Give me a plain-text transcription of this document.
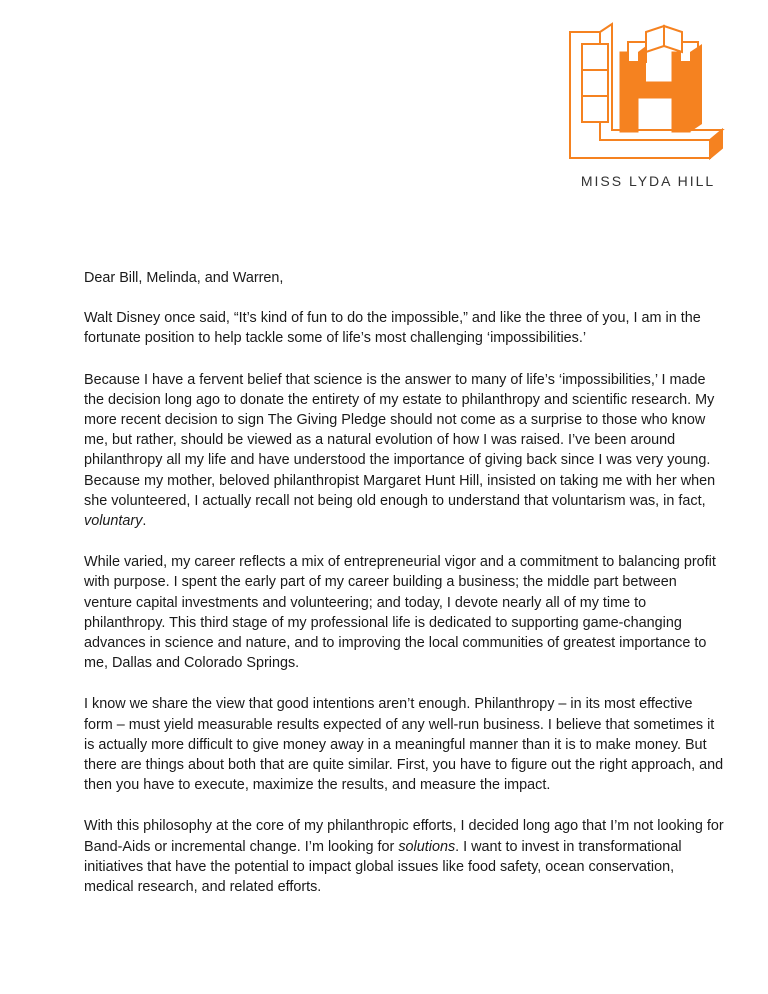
MISS LYDA HILL

Dear Bill, Melinda, and Warren,

Walt Disney once said, “It’s kind of fun to do the impossible,” and like the three of you, I am in the fortunate position to help tackle some of life’s most challenging ‘impossibilities.’

Because I have a fervent belief that science is the answer to many of life’s ‘impossibilities,’ I made the decision long ago to donate the entirety of my estate to philanthropy and scientific research. My more recent decision to sign The Giving Pledge should not come as a surprise to those who know me, but rather, should be viewed as a natural evolution of how I was raised. I’ve been around philanthropy all my life and have understood the importance of giving back since I was very young. Because my mother, beloved philanthropist Margaret Hunt Hill, insisted on taking me with her when she volunteered, I actually recall not being old enough to understand that voluntarism was, in fact, voluntary.

While varied, my career reflects a mix of entrepreneurial vigor and a commitment to balancing profit with purpose. I spent the early part of my career building a business; the middle part between venture capital investments and volunteering; and today, I devote nearly all of my time to philanthropy. This third stage of my professional life is dedicated to supporting game-changing advances in science and nature, and to improving the local communities of greatest importance to me, Dallas and Colorado Springs.

I know we share the view that good intentions aren’t enough. Philanthropy – in its most effective form – must yield measurable results expected of any well-run business. I believe that sometimes it is actually more difficult to give money away in a meaningful manner than it is to make money. But there are things about both that are quite similar. First, you have to figure out the right approach, and then you have to execute, maximize the results, and measure the impact.

With this philosophy at the core of my philanthropic efforts, I decided long ago that I’m not looking for Band-Aids or incremental change. I’m looking for solutions. I want to invest in transformational initiatives that have the potential to impact global issues like food safety, ocean conservation, medical research, and related efforts.
